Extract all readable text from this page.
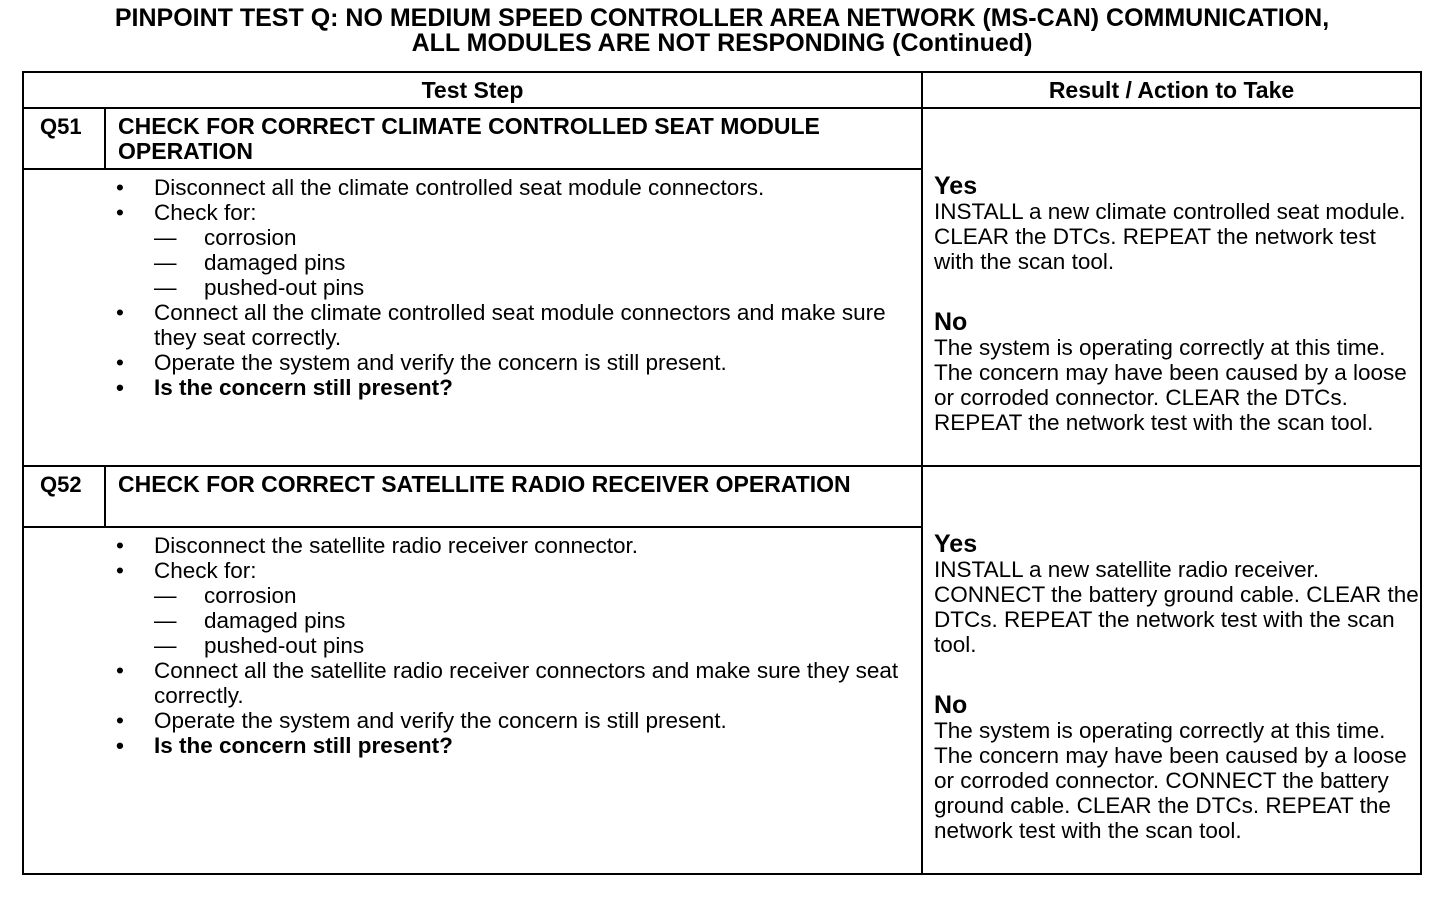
PINPOINT TEST Q: NO MEDIUM SPEED CONTROLLER AREA NETWORK (MS-CAN) COMMUNICATION,
ALL MODULES ARE NOT RESPONDING (Continued)
Test Step	Result / Action to Take
Q51 CHECK FOR CORRECT CLIMATE CONTROLLED SEAT MODULE OPERATION
• Disconnect all the climate controlled seat module connectors.
• Check for:
— corrosion
— damaged pins
— pushed-out pins
• Connect all the climate controlled seat module connectors and make sure they seat correctly.
• Operate the system and verify the concern is still present.
• Is the concern still present?
Yes
INSTALL a new climate controlled seat module. CLEAR the DTCs. REPEAT the network test with the scan tool.
No
The system is operating correctly at this time. The concern may have been caused by a loose or corroded connector. CLEAR the DTCs. REPEAT the network test with the scan tool.
Q52 CHECK FOR CORRECT SATELLITE RADIO RECEIVER OPERATION
• Disconnect the satellite radio receiver connector.
• Check for:
— corrosion
— damaged pins
— pushed-out pins
• Connect all the satellite radio receiver connectors and make sure they seat correctly.
• Operate the system and verify the concern is still present.
• Is the concern still present?
Yes
INSTALL a new satellite radio receiver. CONNECT the battery ground cable. CLEAR the DTCs. REPEAT the network test with the scan tool.
No
The system is operating correctly at this time. The concern may have been caused by a loose or corroded connector. CONNECT the battery ground cable. CLEAR the DTCs. REPEAT the network test with the scan tool.
